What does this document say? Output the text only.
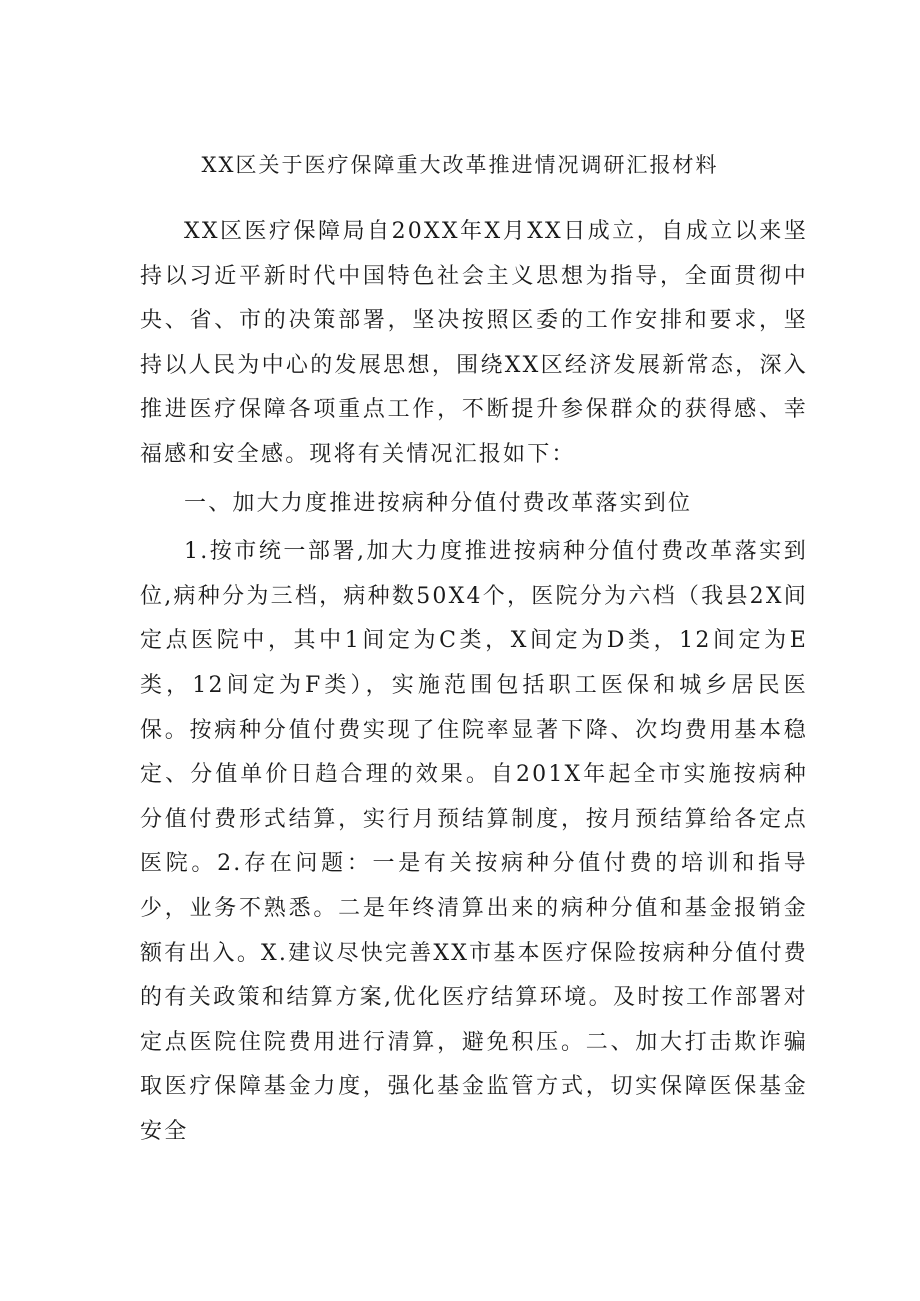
XX区关于医疗保障重大改革推进情况调研汇报材料

XX区医疗保障局自20XX年X月XX日成立，自成立以来坚持以习近平新时代中国特色社会主义思想为指导，全面贯彻中央、省、市的决策部署，坚决按照区委的工作安排和要求，坚持以人民为中心的发展思想，围绕XX区经济发展新常态，深入推进医疗保障各项重点工作，不断提升参保群众的获得感、幸福感和安全感。现将有关情况汇报如下：

一、加大力度推进按病种分值付费改革落实到位

1.按市统一部署,加大力度推进按病种分值付费改革落实到位,病种分为三档，病种数50X4个，医院分为六档（我县2X间定点医院中，其中1间定为C类，X间定为D类，12间定为E类，12间定为F类），实施范围包括职工医保和城乡居民医保。按病种分值付费实现了住院率显著下降、次均费用基本稳定、分值单价日趋合理的效果。自201X年起全市实施按病种分值付费形式结算，实行月预结算制度，按月预结算给各定点医院。2.存在问题：一是有关按病种分值付费的培训和指导少，业务不熟悉。二是年终清算出来的病种分值和基金报销金额有出入。X.建议尽快完善XX市基本医疗保险按病种分值付费的有关政策和结算方案,优化医疗结算环境。及时按工作部署对定点医院住院费用进行清算，避免积压。二、加大打击欺诈骗取医疗保障基金力度，强化基金监管方式，切实保障医保基金安全
